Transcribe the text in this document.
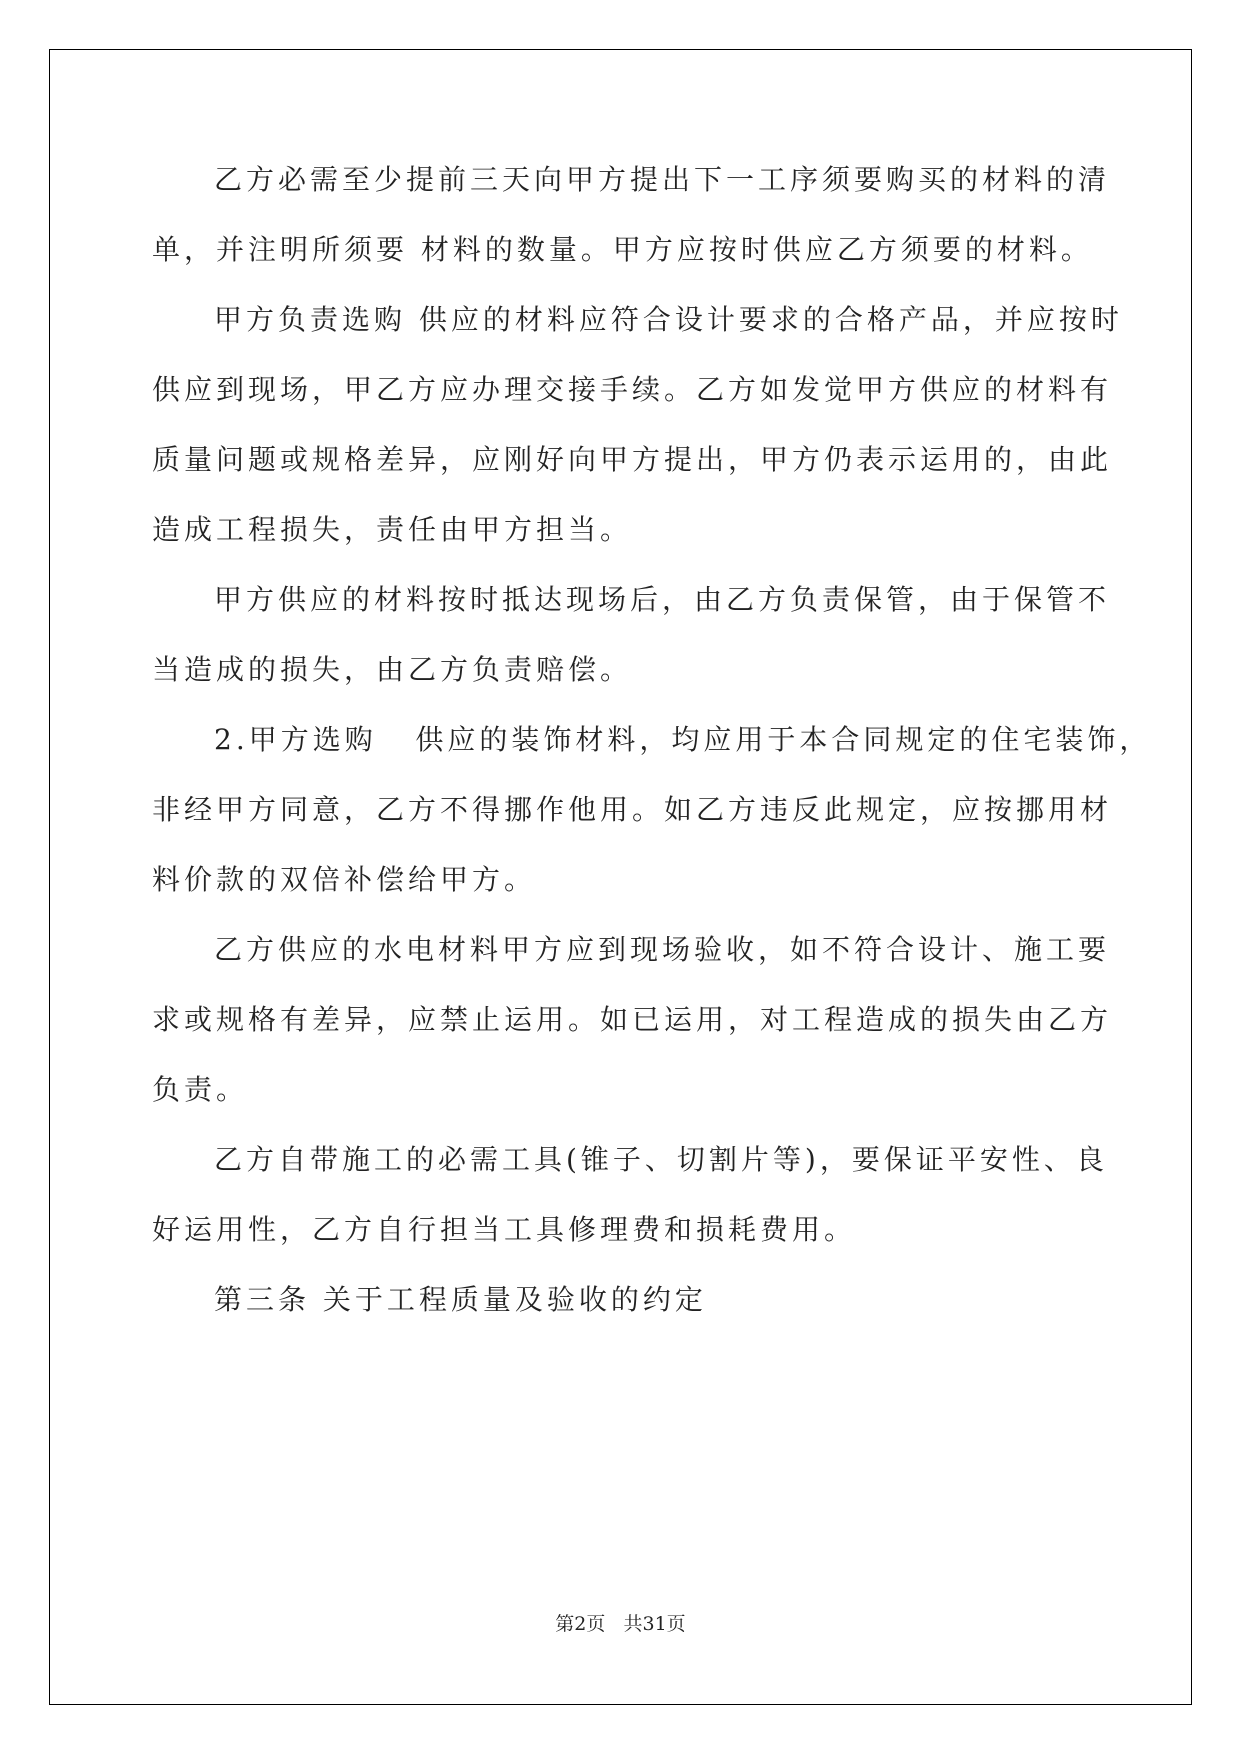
乙方必需至少提前三天向甲方提出下一工序须要购买的材料的清
单，并注明所须要 材料的数量。甲方应按时供应乙方须要的材料。
甲方负责选购 供应的材料应符合设计要求的合格产品，并应按时
供应到现场，甲乙方应办理交接手续。乙方如发觉甲方供应的材料有
质量问题或规格差异，应刚好向甲方提出，甲方仍表示运用的，由此
造成工程损失，责任由甲方担当。
甲方供应的材料按时抵达现场后，由乙方负责保管，由于保管不
当造成的损失，由乙方负责赔偿。
2.甲方选购   供应的装饰材料，均应用于本合同规定的住宅装饰，
非经甲方同意，乙方不得挪作他用。如乙方违反此规定，应按挪用材
料价款的双倍补偿给甲方。
乙方供应的水电材料甲方应到现场验收，如不符合设计、施工要
求或规格有差异，应禁止运用。如已运用，对工程造成的损失由乙方
负责。
乙方自带施工的必需工具(锥子、切割片等)，要保证平安性、良
好运用性，乙方自行担当工具修理费和损耗费用。
第三条 关于工程质量及验收的约定
第2页   共31页
